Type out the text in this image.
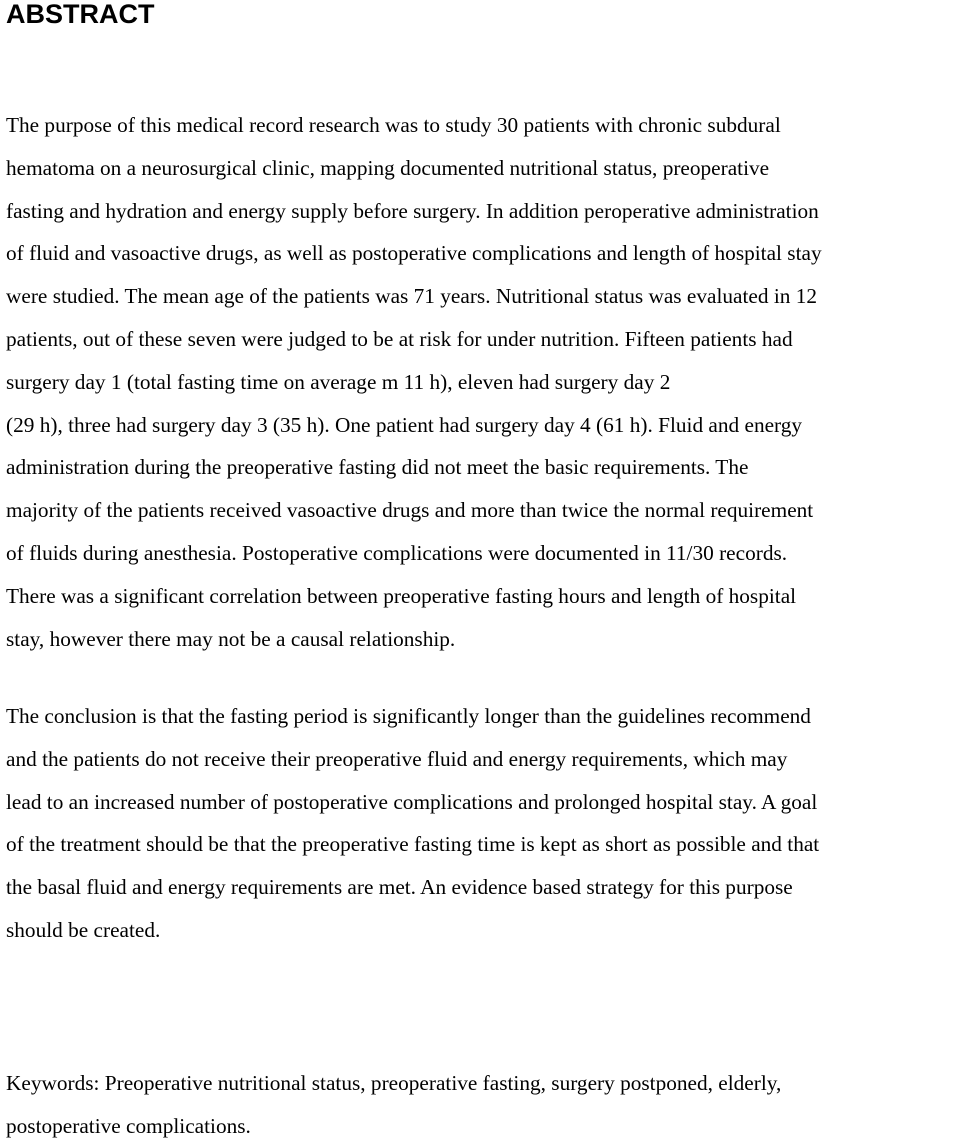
ABSTRACT

The purpose of this medical record research was to study 30 patients with chronic subdural
hematoma on a neurosurgical clinic, mapping documented nutritional status, preoperative
fasting and hydration and energy supply before surgery. In addition peroperative administration
of fluid and vasoactive drugs, as well as postoperative complications and length of hospital stay
were studied. The mean age of the patients was 71 years. Nutritional status was evaluated in 12
patients, out of these seven were judged to be at risk for under nutrition. Fifteen patients had
surgery day 1 (total fasting time on average m 11 h), eleven had surgery day 2
(29 h), three had surgery day 3 (35 h). One patient had surgery day 4 (61 h). Fluid and energy
administration during the preoperative fasting did not meet the basic requirements. The
majority of the patients received vasoactive drugs and more than twice the normal requirement
of fluids during anesthesia. Postoperative complications were documented in 11/30 records.
There was a significant correlation between preoperative fasting hours and length of hospital
stay, however there may not be a causal relationship.

The conclusion is that the fasting period is significantly longer than the guidelines recommend
and the patients do not receive their preoperative fluid and energy requirements, which may
lead to an increased number of postoperative complications and prolonged hospital stay. A goal
of the treatment should be that the preoperative fasting time is kept as short as possible and that
the basal fluid and energy requirements are met. An evidence based strategy for this purpose
should be created.

Keywords: Preoperative nutritional status, preoperative fasting, surgery postponed, elderly,
postoperative complications.
